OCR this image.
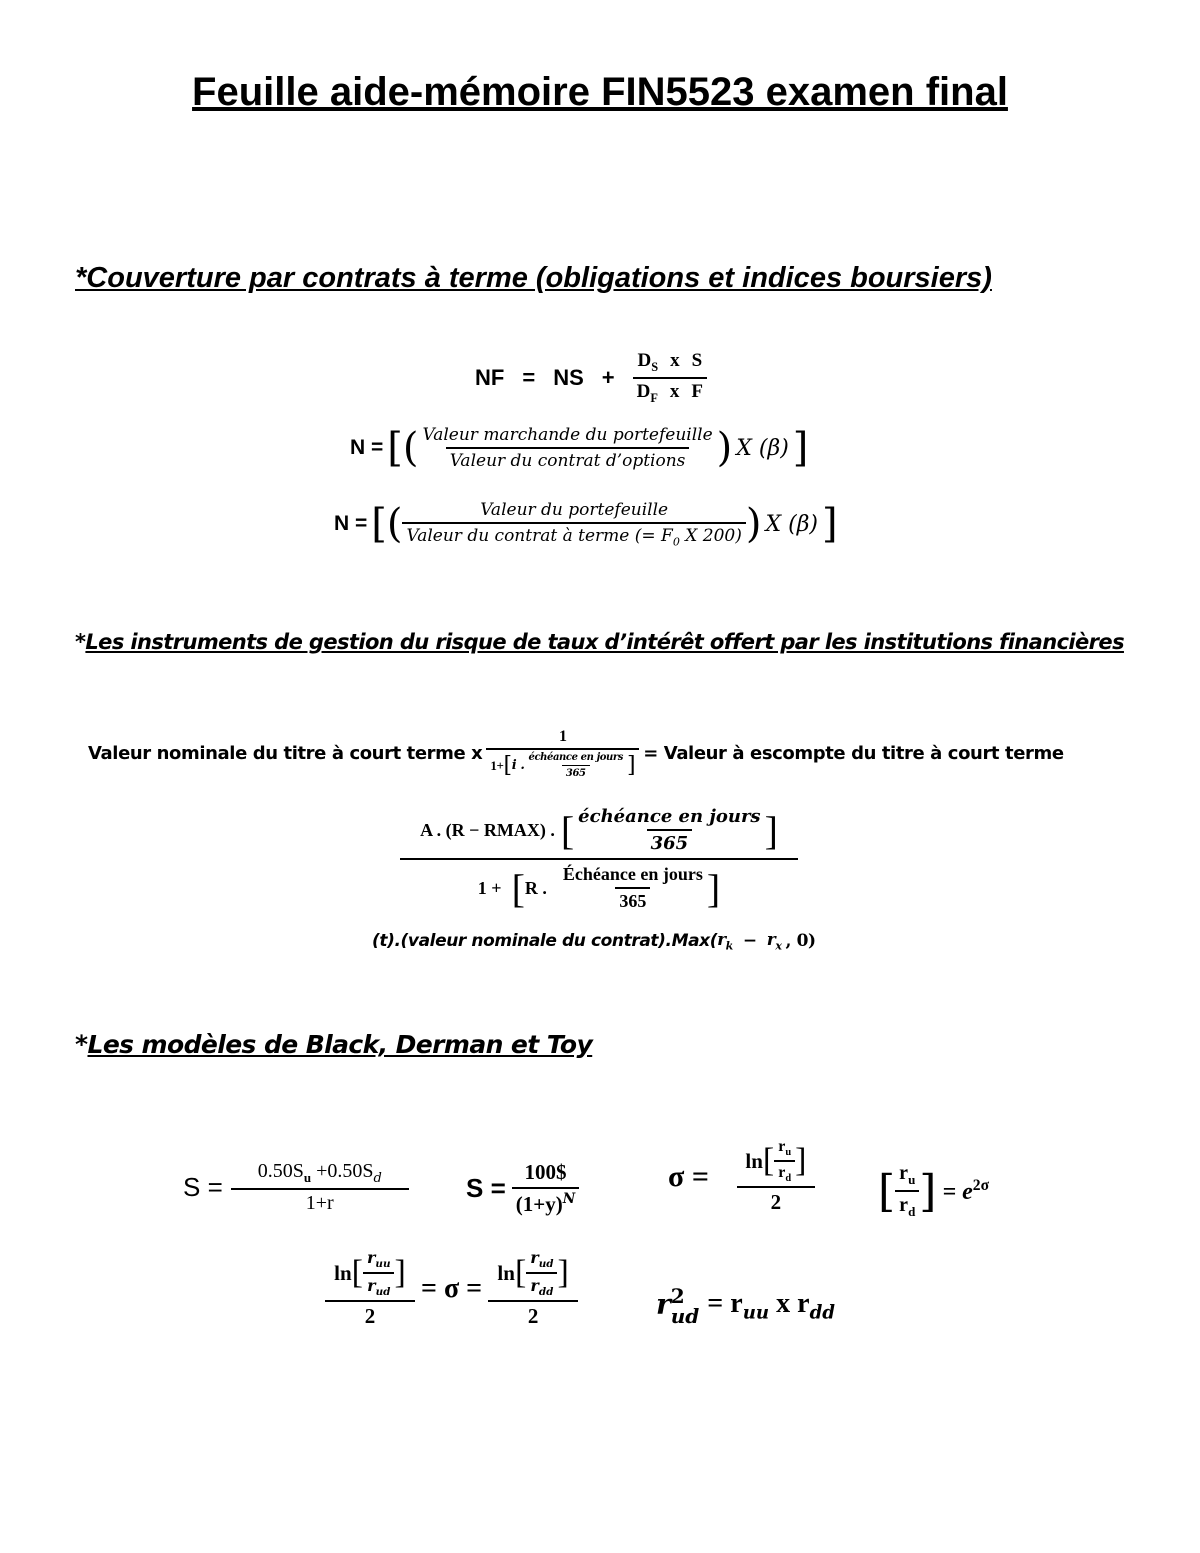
Feuille aide-mémoire FIN5523 examen final
*Couverture par contrats à terme (obligations et indices boursiers)
NF = NS + $\frac{D_S x S}{D_F x F}$
N = [( $\frac{\text{Valeur marchande du portefeuille}}{\text{Valeur du contrat d’options}}$ ) X (β) ]
N = [( $\frac{\text{Valeur du portefeuille}}{Valeur du contrat à terme (= F_0 X 200)}$ ) X (β) ]
*Les instruments de gestion du risque de taux d’intérêt offert par les institutions financières
Valeur nominale du titre à court terme x
1
1+ [ i . $\frac{\text{échéance en jours}}{365}$ ] = Valeur à escompte du titre à court terme
A . (R − RMAX) . [ $\frac{\text{échéance en jours}}{365}$ ]
1 + [ R . $\frac{\text{Échéance en jours}}{365}$ ]
(t).(valeur nominale du contrat).Max( $r_k - r_x$ , 0)
*Les modèles de Black, Derman et Toy
$S = \frac{0.50S_u +0.50S_d}{1+r}$ $S = \frac{100\$}{(1+y)^N}$	$\sigma = \frac{\ln [ \frac{r_u}{r_d} ]}{2}$ [ $\frac{r_u}{r_d}$ ] = $e^{2\sigma}$
$\frac{\ln [ \frac{r_{uu}}{r_{ud}} ]}{2} = \sigma = \frac{\ln [ \frac{r_{ud}}{r_{dd}} ]}{2}$	r 2
ud = $r_{uu}$ x $r_{dd}$
